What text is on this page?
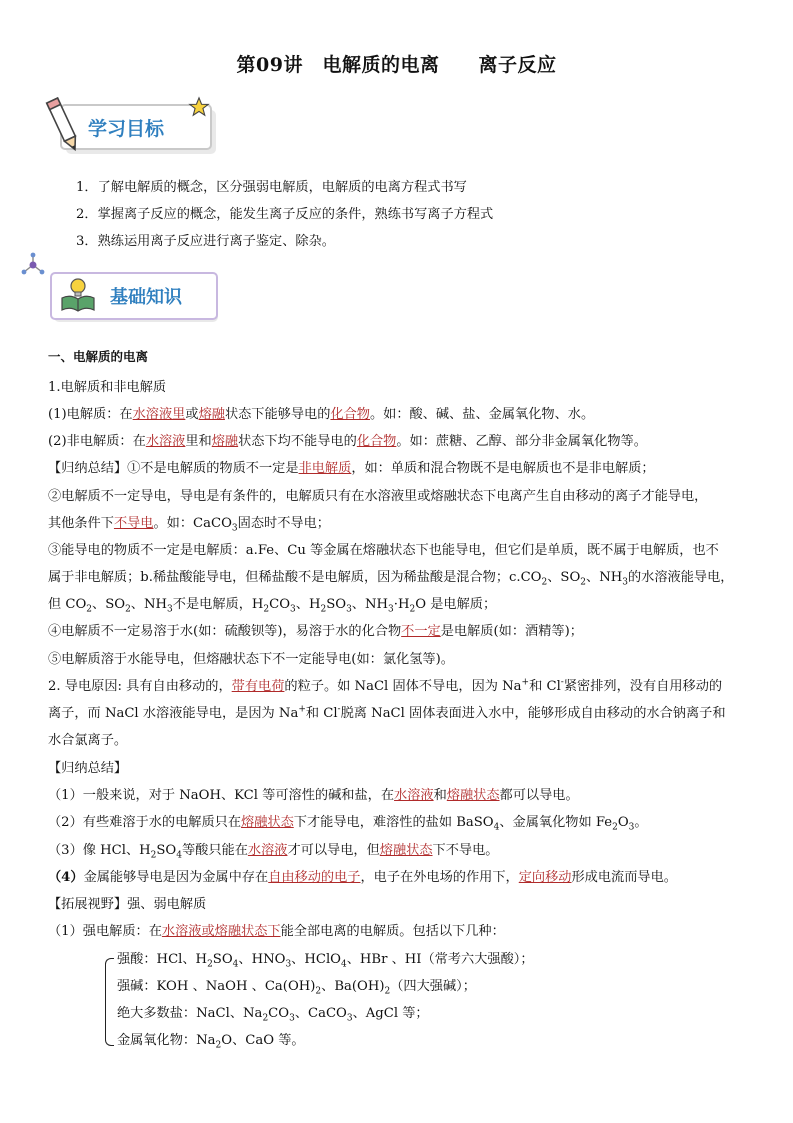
第09讲　电解质的电离　　离子反应
学习目标
1．了解电解质的概念，区分强弱电解质，电解质的电离方程式书写
2．掌握离子反应的概念，能发生离子反应的条件，熟练书写离子方程式
3．熟练运用离子反应进行离子鉴定、除杂。
基础知识
一、电解质的电离
1.电解质和非电解质
(1)电解质：在水溶液里或熔融状态下能够导电的化合物。如：酸、碱、盐、金属氧化物、水。
(2)非电解质：在水溶液里和熔融状态下均不能导电的化合物。如：蔗糖、乙醇、部分非金属氧化物等。
【归纳总结】①不是电解质的物质不一定是非电解质，如：单质和混合物既不是电解质也不是非电解质；
②电解质不一定导电，导电是有条件的，电解质只有在水溶液里或熔融状态下电离产生自由移动的离子才能导电，
其他条件下不导电。如：CaCO$_3$固态时不导电；
③能导电的物质不一定是电解质：a.Fe、Cu 等金属在熔融状态下也能导电，但它们是单质，既不属于电解质，也不
属于非电解质；b.稀盐酸能导电，但稀盐酸不是电解质，因为稀盐酸是混合物；$c.CO_2$、$SO_2$、$NH_3$的水溶液能导电，
但 $CO_2$、$SO_2$、$NH_3$不是电解质，$H_2CO_3$、$H_2SO_3$、$NH_3\cdot H_2O$ 是电解质；
④电解质不一定易溶于水(如：硫酸钡等)，易溶于水的化合物不一定是电解质(如：酒精等)；
⑤电解质溶于水能导电，但熔融状态下不一定能导电(如：氯化氢等)。
2. 导电原因: 具有自由移动的，带有电荷的粒子。如 NaCl 固体不导电，因为 Na+和 Cl-紧密排列，没有自用移动的
离子，而 NaCl 水溶液能导电，是因为 Na+和 Cl-脱离 NaCl 固体表面进入水中，能够形成自由移动的水合钠离子和
水合氯离子。
【归纳总结】
（1）一般来说，对于 NaOH、KCl 等可溶性的碱和盐，在水溶液和熔融状态都可以导电。
（2）有些难溶于水的电解质只在熔融状态下才能导电，难溶性的盐如 BaSO$_4$、金属氧化物如 $Fe_2O_3$。
（3）像 HCl、$H_2SO_4$等酸只能在水溶液才可以导电，但熔融状态下不导电。
（4）金属能够导电是因为金属中存在自由移动的电子，电子在外电场的作用下，定向移动形成电流而导电。
【拓展视野】强、弱电解质
（1）强电解质：在水溶液或熔融状态下能全部电离的电解质。包括以下几种：
强酸：HCl、$H_2SO_4$、$HNO_3$、HClO$_4$、HBr 、HI（常考六大强酸）；
强碱：KOH 、NaOH 、$Ca(OH)_2$、$Ba(OH)_2$（四大强碱）；
绝大多数盐：NaCl、$Na_2CO_3$、CaCO$_3$、AgCl 等；
金属氧化物：$Na_2O$、CaO 等。
